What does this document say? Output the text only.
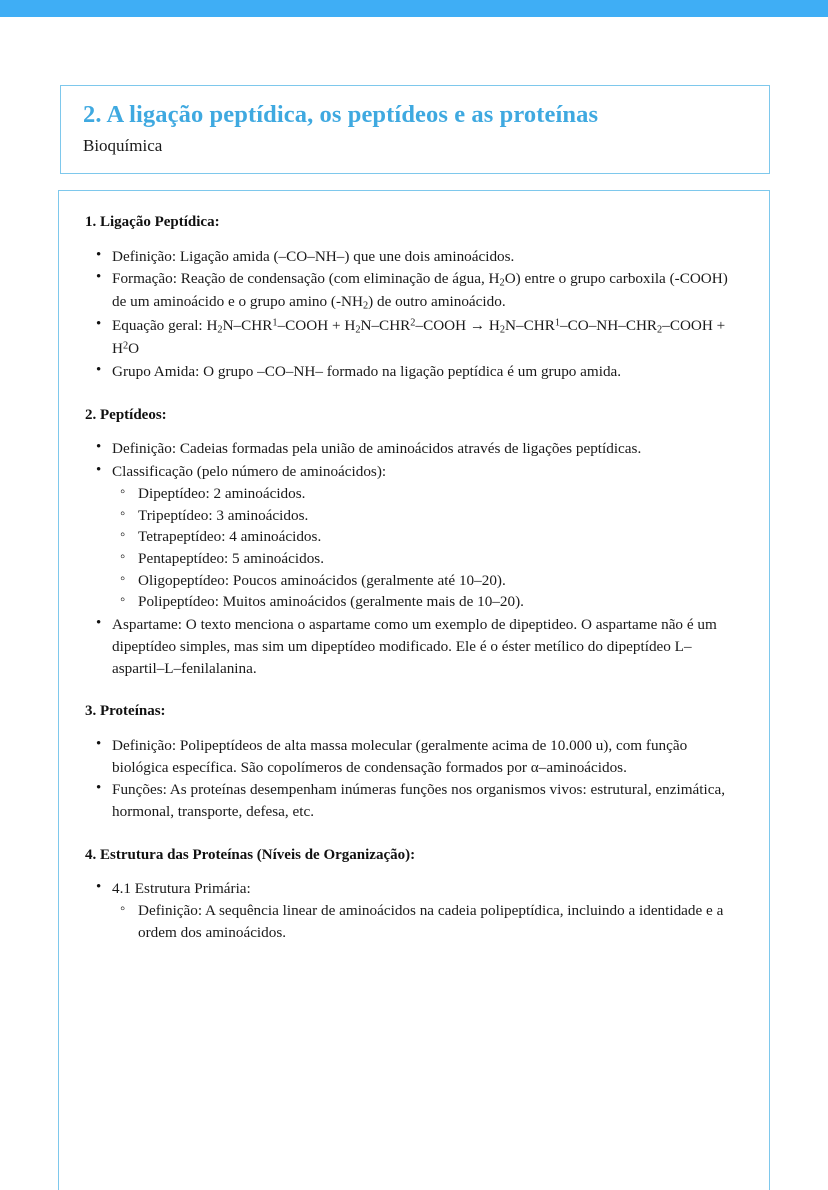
2. A ligação peptídica, os peptídeos e as proteínas

Bioquímica

1. Ligação Peptídica:
• Definição: Ligação amida (–CO–NH–) que une dois aminoácidos.
• Formação: Reação de condensação (com eliminação de água, $H_2O$) entre o grupo carboxila (-COOH) de um aminoácido e o grupo amino $(-NH_2)$ de outro aminoácido.
• Equação geral: $H_2N-CHR^1$–COOH + $H_2N-CHR^2$–COOH → $H_2N-CHR^1-CO-NH-CHR_2$–COOH + $H^2O$
• Grupo Amida: O grupo –CO–NH– formado na ligação peptídica é um grupo amida.
2. Peptídeos:
• Definição: Cadeias formadas pela união de aminoácidos através de ligações peptídicas.
• Classificação (pelo número de aminoácidos):
◦ Dipeptídeo: 2 aminoácidos.
◦ Tripeptídeo: 3 aminoácidos.
◦ Tetrapeptídeo: 4 aminoácidos.
◦ Pentapeptídeo: 5 aminoácidos.
◦ Oligopeptídeo: Poucos aminoácidos (geralmente até 10–20).
◦ Polipeptídeo: Muitos aminoácidos (geralmente mais de 10–20).
• Aspartame: O texto menciona o aspartame como um exemplo de dipeptideo. O aspartame não é um dipeptídeo simples, mas sim um dipeptídeo modificado. Ele é o éster metílico do dipeptídeo L–aspartil–L–fenilalanina.
3. Proteínas:
• Definição: Polipeptídeos de alta massa molecular (geralmente acima de 10.000 u), com função biológica específica. São copolímeros de condensação formados por α–aminoácidos.
• Funções: As proteínas desempenham inúmeras funções nos organismos vivos: estrutural, enzimática, hormonal, transporte, defesa, etc.
4. Estrutura das Proteínas (Níveis de Organização):
• 4.1 Estrutura Primária:
◦ Definição: A sequência linear de aminoácidos na cadeia polipeptídica, incluindo a identidade e a ordem dos aminoácidos.
